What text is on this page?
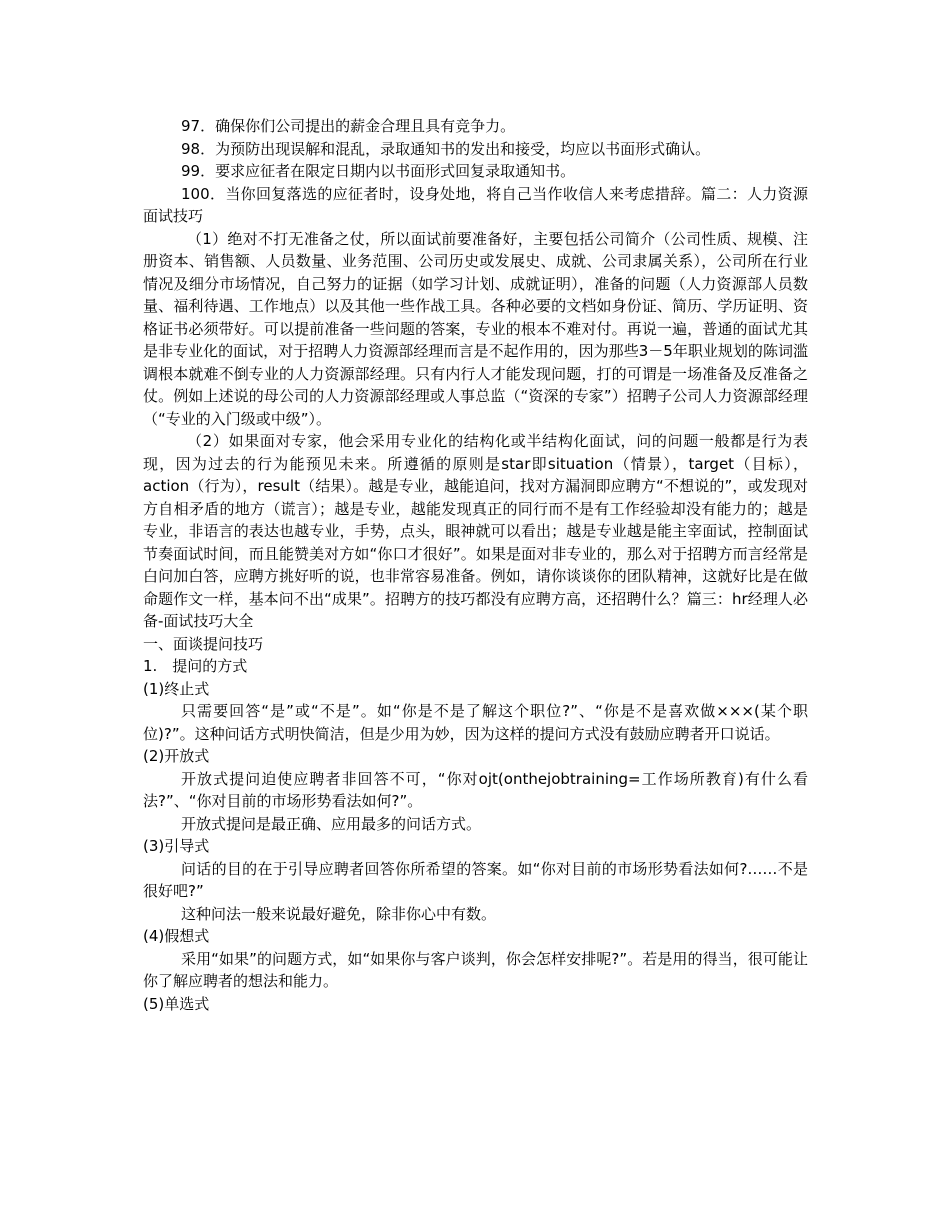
97．确保你们公司提出的薪金合理且具有竞争力。

98．为预防出现误解和混乱，录取通知书的发出和接受，均应以书面形式确认。

99．要求应征者在限定日期内以书面形式回复录取通知书。

100．当你回复落选的应征者时，设身处地，将自己当作收信人来考虑措辞。篇二：人力资源面试技巧

（1）绝对不打无准备之仗，所以面试前要准备好，主要包括公司简介（公司性质、规模、注册资本、销售额、人员数量、业务范围、公司历史或发展史、成就、公司隶属关系），公司所在行业情况及细分市场情况，自己努力的证据（如学习计划、成就证明），准备的问题（人力资源部人员数量、福利待遇、工作地点）以及其他一些作战工具。各种必要的文档如身份证、简历、学历证明、资格证书必须带好。可以提前准备一些问题的答案，专业的根本不难对付。再说一遍，普通的面试尤其是非专业化的面试，对于招聘人力资源部经理而言是不起作用的，因为那些3－5年职业规划的陈词滥调根本就难不倒专业的人力资源部经理。只有内行人才能发现问题，打的可谓是一场准备及反准备之仗。例如上述说的母公司的人力资源部经理或人事总监（“资深的专家”）招聘子公司人力资源部经理（“专业的入门级或中级”）。

（2）如果面对专家，他会采用专业化的结构化或半结构化面试，问的问题一般都是行为表现，因为过去的行为能预见未来。所遵循的原则是star即situation（情景），target（目标），action（行为），result（结果）。越是专业，越能追问，找对方漏洞即应聘方“不想说的”，或发现对方自相矛盾的地方（谎言）；越是专业，越能发现真正的同行而不是有工作经验却没有能力的；越是专业，非语言的表达也越专业，手势，点头，眼神就可以看出；越是专业越是能主宰面试，控制面试节奏面试时间，而且能赞美对方如“你口才很好”。如果是面对非专业的，那么对于招聘方而言经常是白问加白答，应聘方挑好听的说，也非常容易准备。例如，请你谈谈你的团队精神，这就好比是在做命题作文一样，基本问不出“成果”。招聘方的技巧都没有应聘方高，还招聘什么？篇三：hr经理人必备-面试技巧大全

一、面谈提问技巧

1.　提问的方式

(1)终止式

只需要回答“是”或“不是”。如“你是不是了解这个职位?”、“你是不是喜欢做×××(某个职位)?”。这种问话方式明快简洁，但是少用为妙，因为这样的提问方式没有鼓励应聘者开口说话。

(2)开放式

开放式提问迫使应聘者非回答不可，“你对ojt(onthejobtraining=工作场所教育)有什么看法?”、“你对目前的市场形势看法如何?”。

开放式提问是最正确、应用最多的问话方式。

(3)引导式

问话的目的在于引导应聘者回答你所希望的答案。如“你对目前的市场形势看法如何?……不是很好吧?”

这种问法一般来说最好避免，除非你心中有数。

(4)假想式

采用“如果”的问题方式，如“如果你与客户谈判，你会怎样安排呢?”。若是用的得当，很可能让你了解应聘者的想法和能力。

(5)单选式
